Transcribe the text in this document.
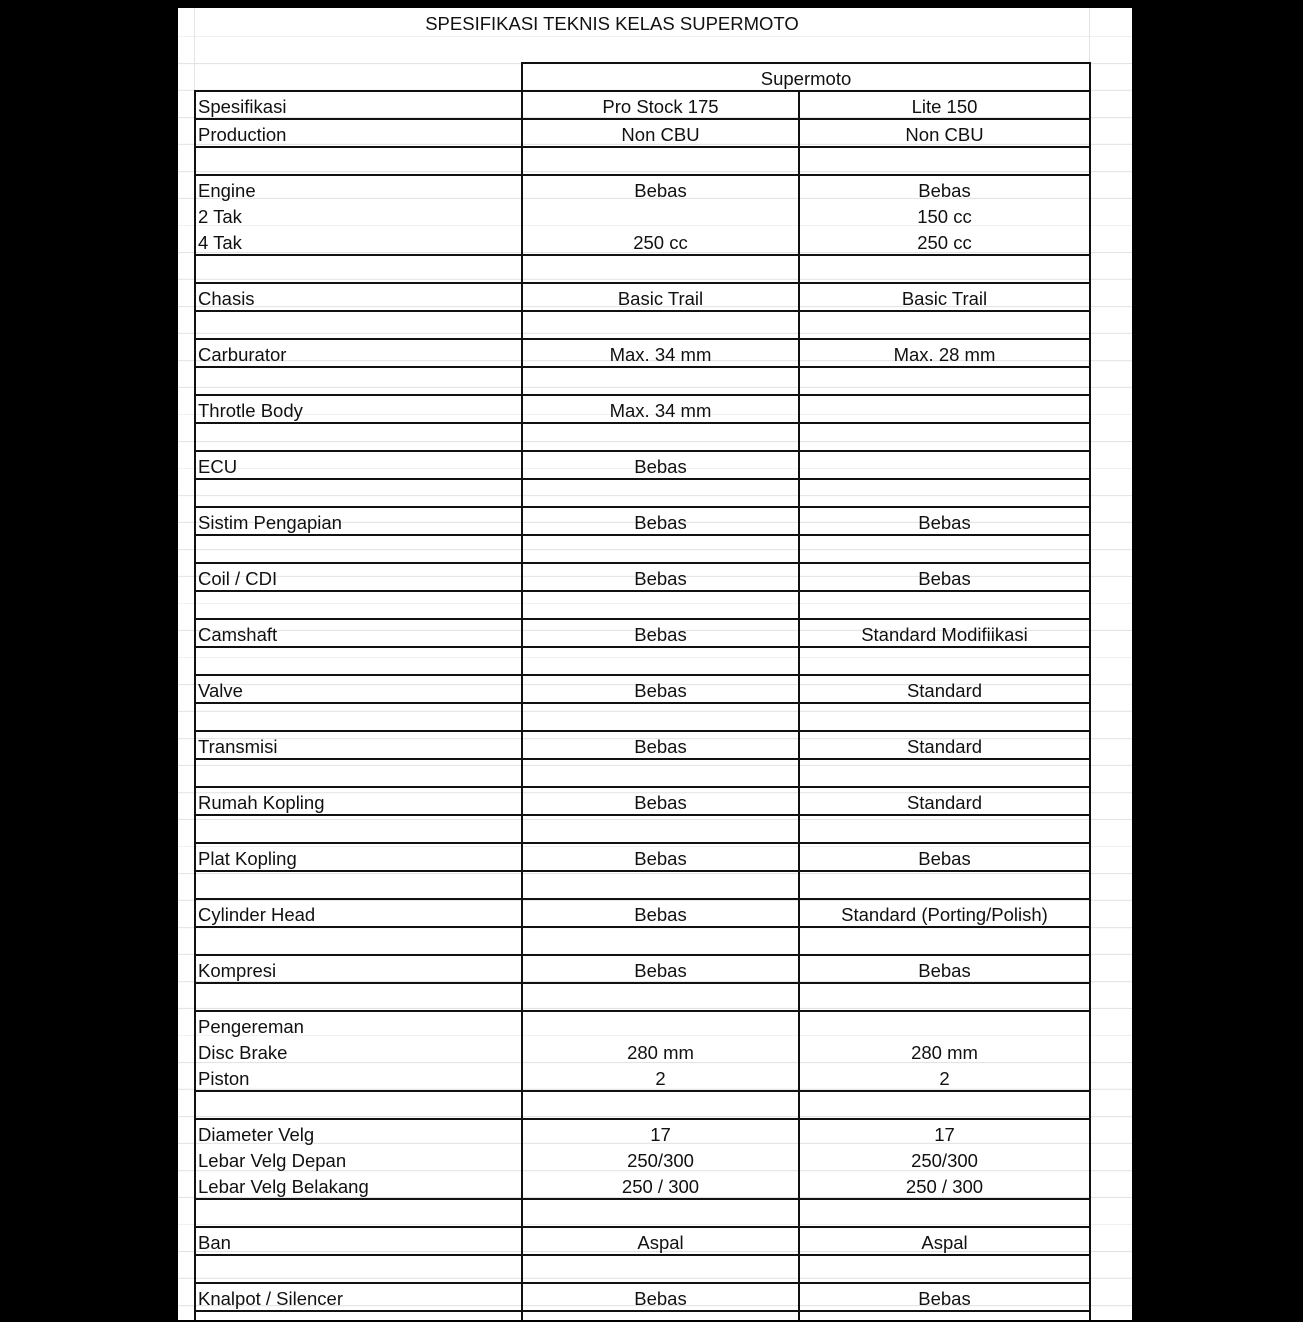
SPESIFIKASI TEKNIS KELAS SUPERMOTO
	Supermoto	
Spesifikasi	Pro Stock 175	Lite 150
Production	Non CBU	Non CBU

Engine	Bebas	Bebas
2 Tak		150 cc
4 Tak	250 cc	250 cc

Chasis	Basic Trail	Basic Trail

Carburator	Max. 34 mm	Max. 28 mm

Throtle Body	Max. 34 mm	

ECU	Bebas	

Sistim Pengapian	Bebas	Bebas

Coil / CDI	Bebas	Bebas

Camshaft	Bebas	Standard Modifiikasi

Valve	Bebas	Standard

Transmisi	Bebas	Standard

Rumah Kopling	Bebas	Standard

Plat Kopling	Bebas	Bebas

Cylinder Head	Bebas	Standard (Porting/Polish)

Kompresi	Bebas	Bebas

Pengereman		
Disc Brake	280 mm	280 mm
Piston	2	2

Diameter Velg	17	17
Lebar Velg Depan	250/300	250/300
Lebar Velg Belakang	250 / 300	250 / 300

Ban	Aspal	Aspal

Knalpot / Silencer	Bebas	Bebas
